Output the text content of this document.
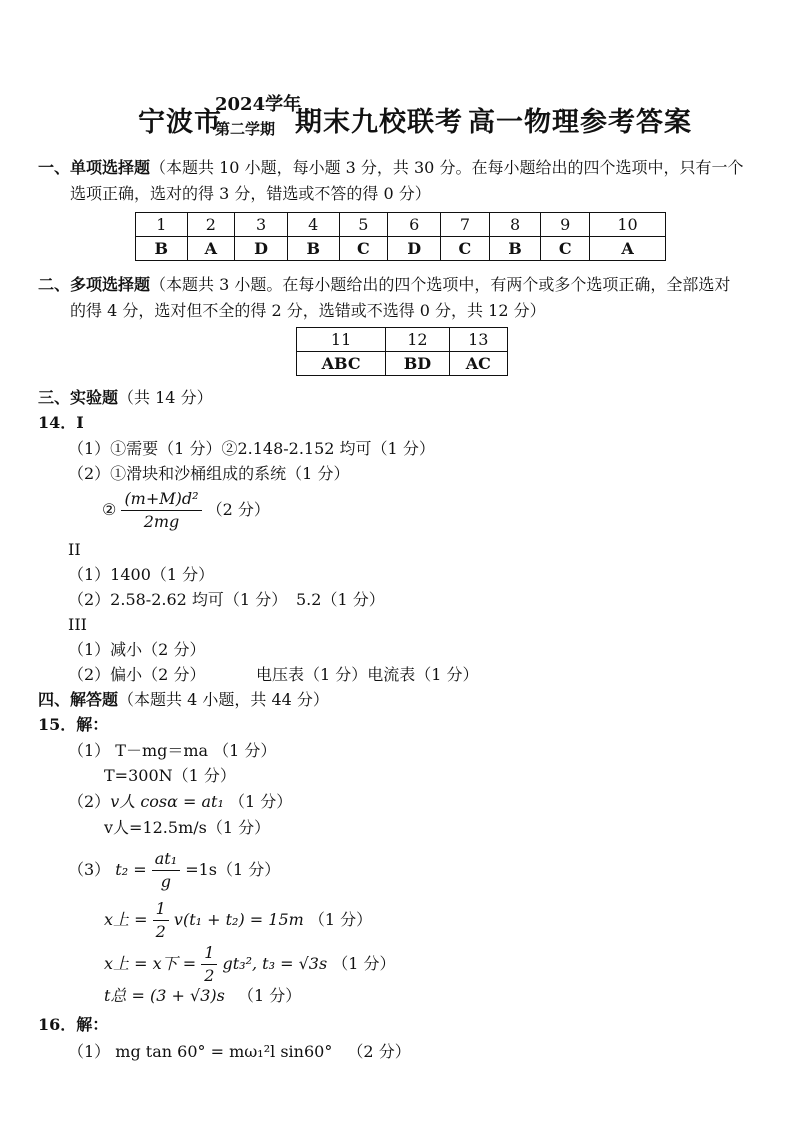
宁波市
2024学年
第二学期 期末九校联考 高一物理参考答案
一、单项选择题（本题共 10 小题，每小题 3 分，共 30 分。在每小题给出的四个选项中，只有一个
选项正确，选对的得 3 分，错选或不答的得 0 分）
1	2	3	4	5	6	7	8	9	10
B	A	D	B	C	D	C	B	C	A
二、多项选择题（本题共 3 小题。在每小题给出的四个选项中，有两个或多个选项正确，全部选对
的得 4 分，选对但不全的得 2 分，选错或不选得 0 分，共 12 分）
11	12	13
ABC	BD	AC
三、实验题（共 14 分）
14．I
（1）①需要（1 分）②2.148-2.152 均可（1 分）
（2）①滑块和沙桶组成的系统（1 分）
② $\frac{\text{(m+M)d²}}{2mg} (2$ 分）
II
（1）1400（1 分）
（2）2.58-2.62 均可（1 分） 5.2（1 分）
III
（1）减小（2 分）
（2）偏小（2 分）	电压表（1 分）电流表（1 分）
四、解答题（本题共 4 小题，共 44 分）
15．解：
（1） T－mg＝ma （1 分）
T=300N（1 分）
（2）v人 cosα = at₁ （1 分）
v人=12.5m/s（1 分）
（3） $t_2 = \frac{\text{at₁}}{g} =1s(1$ 分）
x上 = $\frac{1}{2} v(t_1 + t_2) = 15m$ （1 分）
x上 = x下 = $\frac{1}{2} gt_3^2$, t₃ = √3s （1 分）
t总 = (3 + √3)s （1 分）
16．解：
（1） mg tan 60° = mω₁²l sin60° （2 分）
